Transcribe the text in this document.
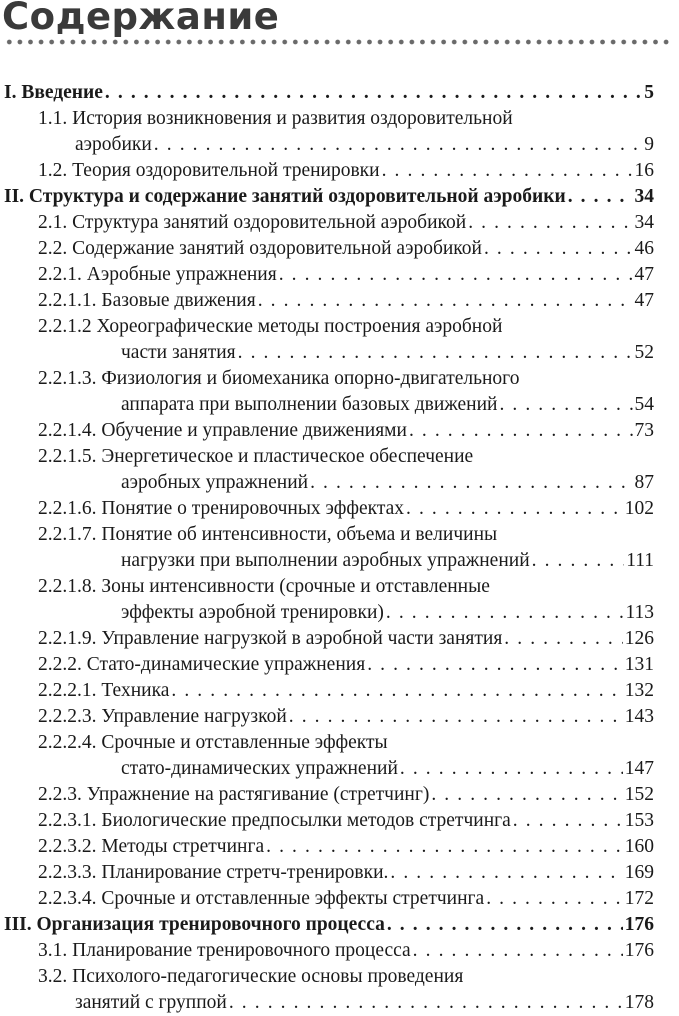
Содержание
I. Введение . . .	5
1.1. История возникновения и развития оздоровительной
аэробики . . .	9
1.2. Теория оздоровительной тренировки . . .	16
II. Структура и содержание занятий оздоровительной аэробики . . .	34
2.1. Структура занятий оздоровительной аэробикой . . .	34
2.2. Содержание занятий оздоровительной аэробикой . . .	46
2.2.1. Аэробные упражнения . . .	47
2.2.1.1. Базовые движения . . .	47
2.2.1.2 Хореографические методы построения аэробной
части занятия . . .	52
2.2.1.3. Физиология и биомеханика опорно-двигательного
аппарата при выполнении базовых движений . . .	54
2.2.1.4. Обучение и управление движениями . . .	73
2.2.1.5. Энергетическое и пластическое обеспечение
аэробных упражнений . . .	87
2.2.1.6. Понятие о тренировочных эффектах . . .	102
2.2.1.7. Понятие об интенсивности, объема и величины
нагрузки при выполнении аэробных упражнений . . .	111
2.2.1.8. Зоны интенсивности (срочные и отставленные
эффекты аэробной тренировки) . . .	113
2.2.1.9. Управление нагрузкой в аэробной части занятия . . .	126
2.2.2. Стато-динамические упражнения . . .	131
2.2.2.1. Техника . . .	132
2.2.2.3. Управление нагрузкой . . .	143
2.2.2.4. Срочные и отставленные эффекты
стато-динамических упражнений . . .	147
2.2.3. Упражнение на растягивание (стретчинг) . . .	152
2.2.3.1. Биологические предпосылки методов стретчинга . . .	153
2.2.3.2. Методы стретчинга . . .	160
2.2.3.3. Планирование стретч-тренировки. . . .	169
2.2.3.4. Срочные и отставленные эффекты стретчинга . . .	172
III. Организация тренировочного процесса . . .	176
3.1. Планирование тренировочного процесса . . .	176
3.2. Психолого-педагогические основы проведения
занятий с группой . . .	178
